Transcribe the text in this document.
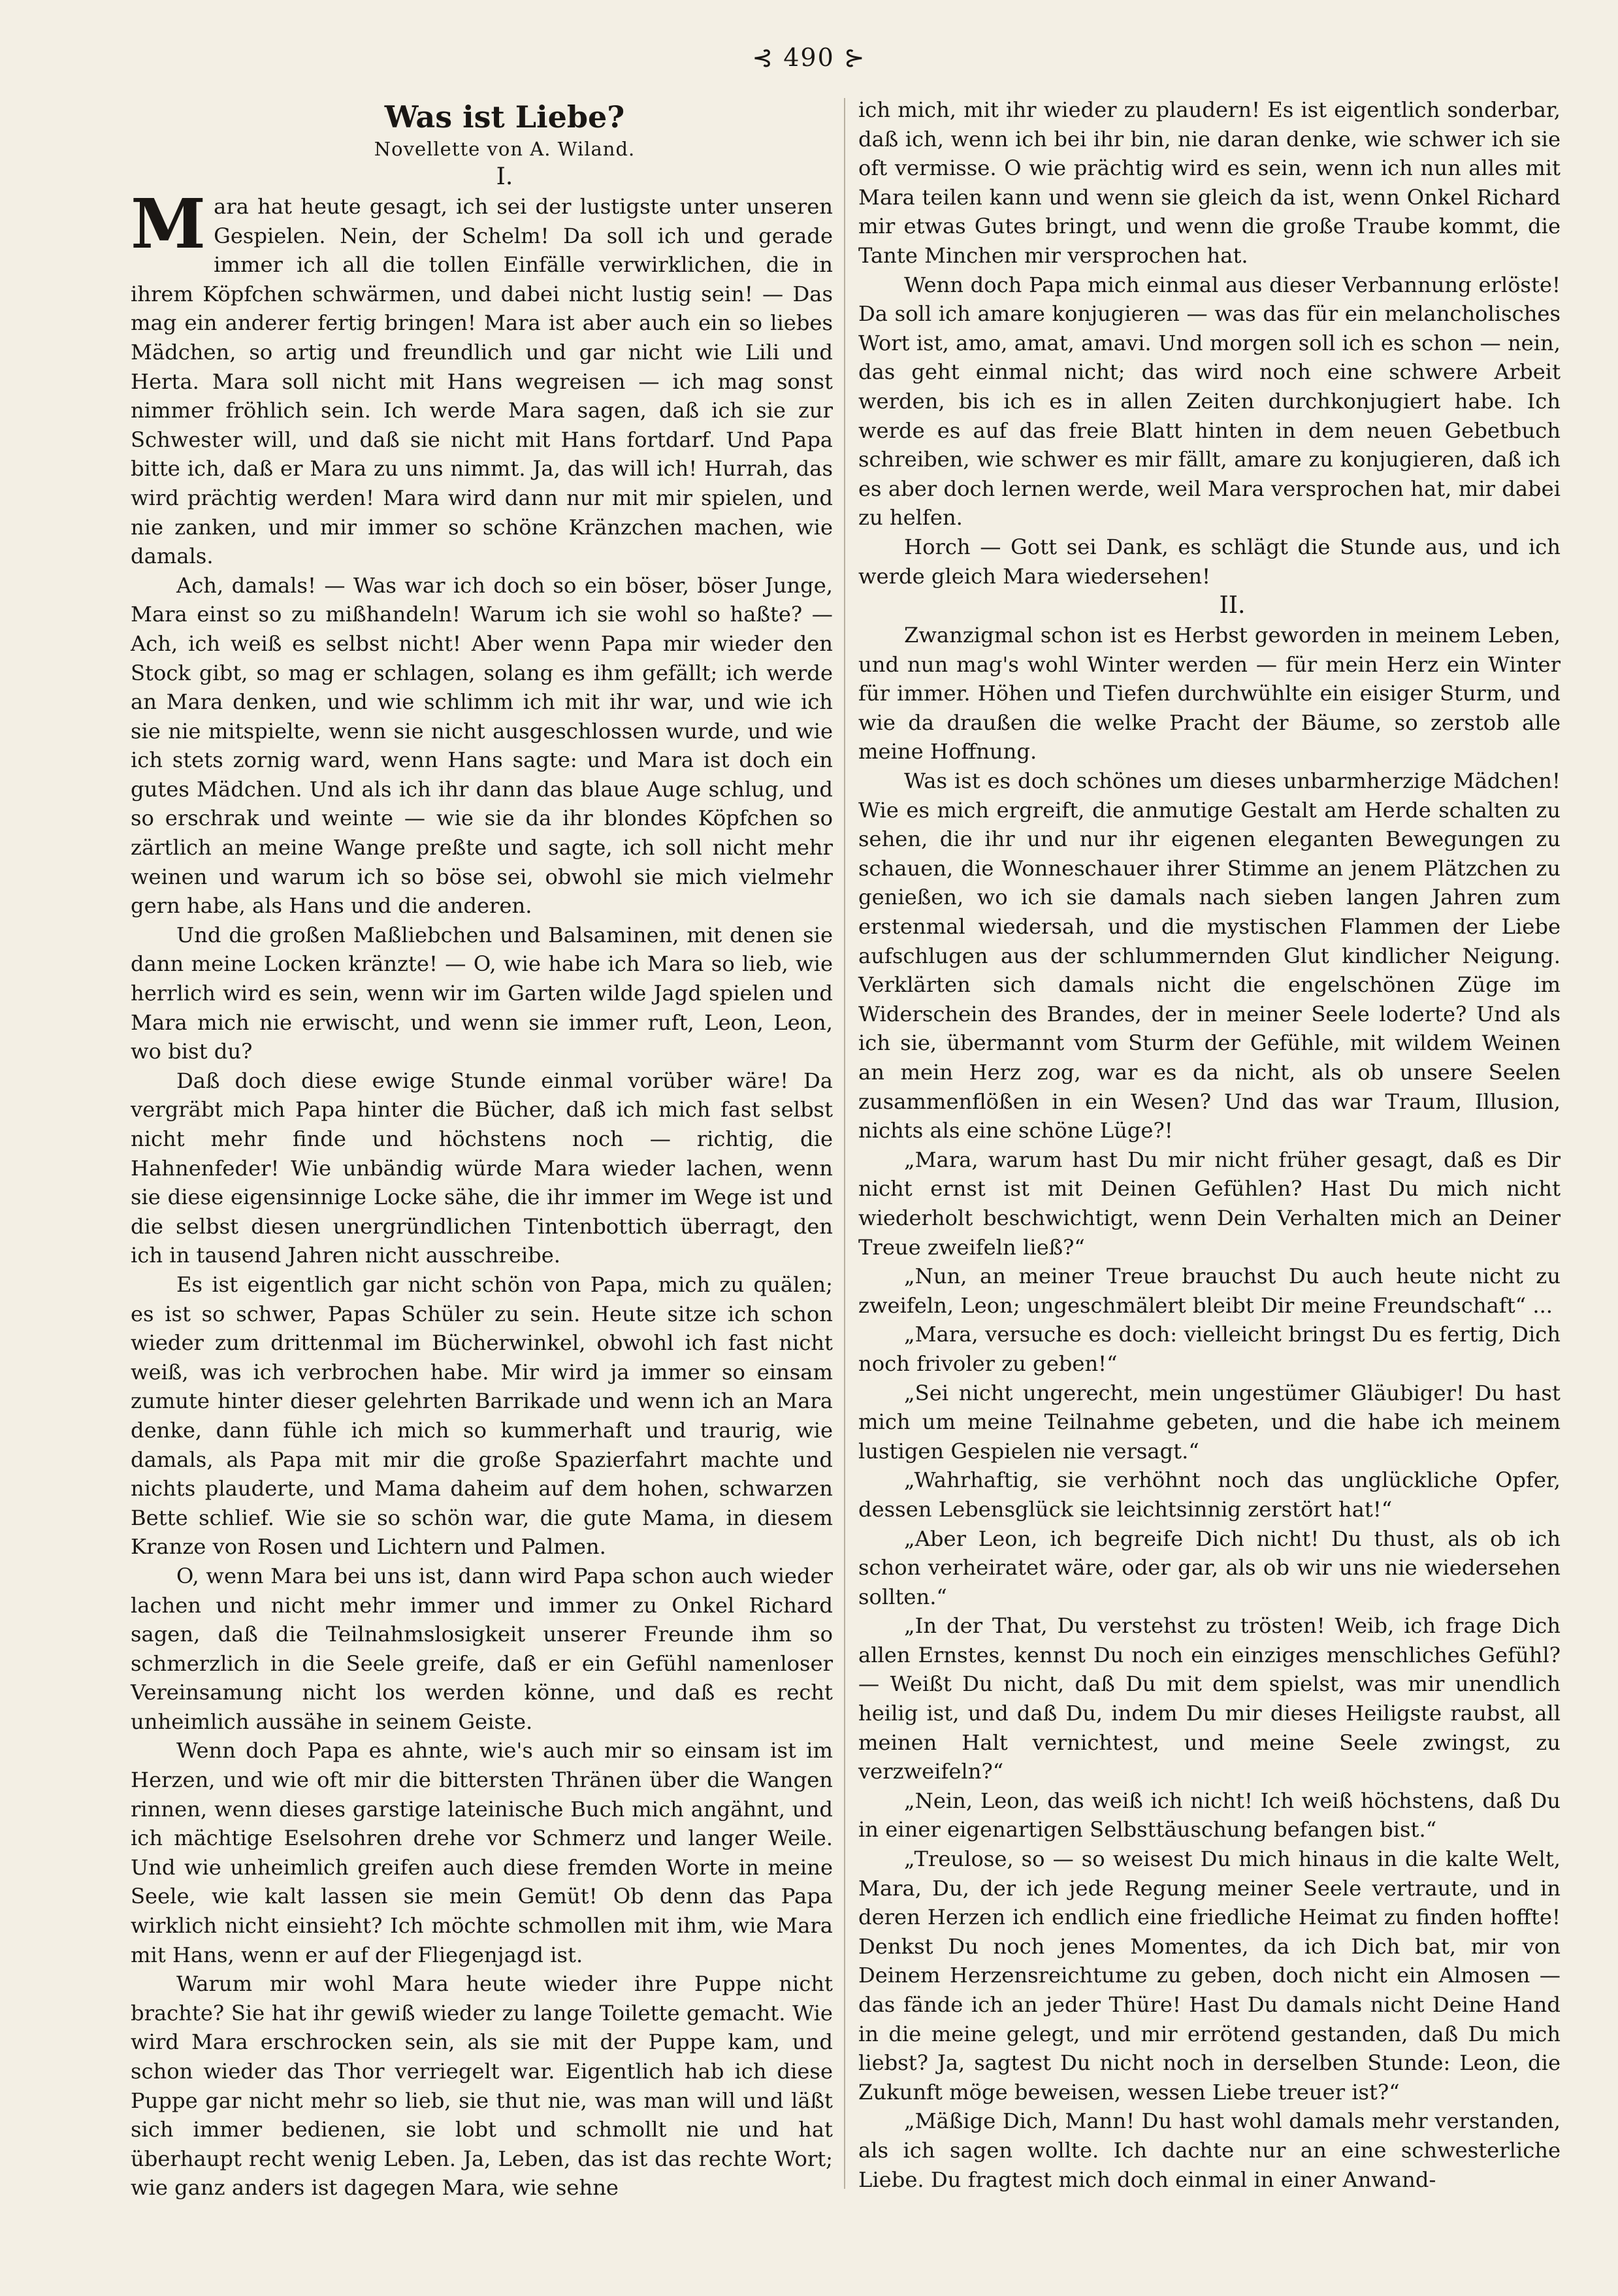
⊰ 490 ⊱

Was ist Liebe?

Novellette von A. Wiland.

I.

Mara hat heute gesagt, ich sei der lustigste unter unseren Gespielen. Nein, der Schelm! Da soll ich und gerade immer ich all die tollen Einfälle verwirklichen, die in ihrem Köpfchen schwärmen, und dabei nicht lustig sein! — Das mag ein anderer fertig bringen! Mara ist aber auch ein so liebes Mädchen, so artig und freundlich und gar nicht wie Lili und Herta. Mara soll nicht mit Hans wegreisen — ich mag sonst nimmer fröhlich sein. Ich werde Mara sagen, daß ich sie zur Schwester will, und daß sie nicht mit Hans fortdarf. Und Papa bitte ich, daß er Mara zu uns nimmt. Ja, das will ich! Hurrah, das wird prächtig werden! Mara wird dann nur mit mir spielen, und nie zanken, und mir immer so schöne Kränzchen machen, wie damals.

Ach, damals! — Was war ich doch so ein böser, böser Junge, Mara einst so zu mißhandeln! Warum ich sie wohl so haßte? — Ach, ich weiß es selbst nicht! Aber wenn Papa mir wieder den Stock gibt, so mag er schlagen, solang es ihm gefällt; ich werde an Mara denken, und wie schlimm ich mit ihr war, und wie ich sie nie mitspielte, wenn sie nicht ausgeschlossen wurde, und wie ich stets zornig ward, wenn Hans sagte: und Mara ist doch ein gutes Mädchen. Und als ich ihr dann das blaue Auge schlug, und so erschrak und weinte — wie sie da ihr blondes Köpfchen so zärtlich an meine Wange preßte und sagte, ich soll nicht mehr weinen und warum ich so böse sei, obwohl sie mich vielmehr gern habe, als Hans und die anderen.

Und die großen Maßliebchen und Balsaminen, mit denen sie dann meine Locken kränzte! — O, wie habe ich Mara so lieb, wie herrlich wird es sein, wenn wir im Garten wilde Jagd spielen und Mara mich nie erwischt, und wenn sie immer ruft, Leon, Leon, wo bist du?

Daß doch diese ewige Stunde einmal vorüber wäre! Da vergräbt mich Papa hinter die Bücher, daß ich mich fast selbst nicht mehr finde und höchstens noch — richtig, die Hahnenfeder! Wie unbändig würde Mara wieder lachen, wenn sie diese eigensinnige Locke sähe, die ihr immer im Wege ist und die selbst diesen unergründlichen Tintenbottich überragt, den ich in tausend Jahren nicht ausschreibe.

Es ist eigentlich gar nicht schön von Papa, mich zu quälen; es ist so schwer, Papas Schüler zu sein. Heute sitze ich schon wieder zum drittenmal im Bücherwinkel, obwohl ich fast nicht weiß, was ich verbrochen habe. Mir wird ja immer so einsam zumute hinter dieser gelehrten Barrikade und wenn ich an Mara denke, dann fühle ich mich so kummerhaft und traurig, wie damals, als Papa mit mir die große Spazierfahrt machte und nichts plauderte, und Mama daheim auf dem hohen, schwarzen Bette schlief. Wie sie so schön war, die gute Mama, in diesem Kranze von Rosen und Lichtern und Palmen.

O, wenn Mara bei uns ist, dann wird Papa schon auch wieder lachen und nicht mehr immer und immer zu Onkel Richard sagen, daß die Teilnahmslosigkeit unserer Freunde ihm so schmerzlich in die Seele greife, daß er ein Gefühl namenloser Vereinsamung nicht los werden könne, und daß es recht unheimlich aussähe in seinem Geiste.

Wenn doch Papa es ahnte, wie's auch mir so einsam ist im Herzen, und wie oft mir die bittersten Thränen über die Wangen rinnen, wenn dieses garstige lateinische Buch mich angähnt, und ich mächtige Eselsohren drehe vor Schmerz und langer Weile. Und wie unheimlich greifen auch diese fremden Worte in meine Seele, wie kalt lassen sie mein Gemüt! Ob denn das Papa wirklich nicht einsieht? Ich möchte schmollen mit ihm, wie Mara mit Hans, wenn er auf der Fliegenjagd ist.

Warum mir wohl Mara heute wieder ihre Puppe nicht brachte? Sie hat ihr gewiß wieder zu lange Toilette gemacht. Wie wird Mara erschrocken sein, als sie mit der Puppe kam, und schon wieder das Thor verriegelt war. Eigentlich hab ich diese Puppe gar nicht mehr so lieb, sie thut nie, was man will und läßt sich immer bedienen, sie lobt und schmollt nie und hat überhaupt recht wenig Leben. Ja, Leben, das ist das rechte Wort; wie ganz anders ist dagegen Mara, wie sehne

ich mich, mit ihr wieder zu plaudern! Es ist eigentlich sonderbar, daß ich, wenn ich bei ihr bin, nie daran denke, wie schwer ich sie oft vermisse. O wie prächtig wird es sein, wenn ich nun alles mit Mara teilen kann und wenn sie gleich da ist, wenn Onkel Richard mir etwas Gutes bringt, und wenn die große Traube kommt, die Tante Minchen mir versprochen hat.

Wenn doch Papa mich einmal aus dieser Verbannung erlöste! Da soll ich amare konjugieren — was das für ein melancholisches Wort ist, amo, amat, amavi. Und morgen soll ich es schon — nein, das geht einmal nicht; das wird noch eine schwere Arbeit werden, bis ich es in allen Zeiten durchkonjugiert habe. Ich werde es auf das freie Blatt hinten in dem neuen Gebetbuch schreiben, wie schwer es mir fällt, amare zu konjugieren, daß ich es aber doch lernen werde, weil Mara versprochen hat, mir dabei zu helfen.

Horch — Gott sei Dank, es schlägt die Stunde aus, und ich werde gleich Mara wiedersehen!

II.

Zwanzigmal schon ist es Herbst geworden in meinem Leben, und nun mag's wohl Winter werden — für mein Herz ein Winter für immer. Höhen und Tiefen durchwühlte ein eisiger Sturm, und wie da draußen die welke Pracht der Bäume, so zerstob alle meine Hoffnung.

Was ist es doch schönes um dieses unbarmherzige Mädchen! Wie es mich ergreift, die anmutige Gestalt am Herde schalten zu sehen, die ihr und nur ihr eigenen eleganten Bewegungen zu schauen, die Wonneschauer ihrer Stimme an jenem Plätzchen zu genießen, wo ich sie damals nach sieben langen Jahren zum erstenmal wiedersah, und die mystischen Flammen der Liebe aufschlugen aus der schlummernden Glut kindlicher Neigung. Verklärten sich damals nicht die engelschönen Züge im Widerschein des Brandes, der in meiner Seele loderte? Und als ich sie, übermannt vom Sturm der Gefühle, mit wildem Weinen an mein Herz zog, war es da nicht, als ob unsere Seelen zusammenflößen in ein Wesen? Und das war Traum, Illusion, nichts als eine schöne Lüge?!

„Mara, warum hast Du mir nicht früher gesagt, daß es Dir nicht ernst ist mit Deinen Gefühlen? Hast Du mich nicht wiederholt beschwichtigt, wenn Dein Verhalten mich an Deiner Treue zweifeln ließ?“

„Nun, an meiner Treue brauchst Du auch heute nicht zu zweifeln, Leon; ungeschmälert bleibt Dir meine Freundschaft“ ...

„Mara, versuche es doch: vielleicht bringst Du es fertig, Dich noch frivoler zu geben!“

„Sei nicht ungerecht, mein ungestümer Gläubiger! Du hast mich um meine Teilnahme gebeten, und die habe ich meinem lustigen Gespielen nie versagt.“

„Wahrhaftig, sie verhöhnt noch das unglückliche Opfer, dessen Lebensglück sie leichtsinnig zerstört hat!“

„Aber Leon, ich begreife Dich nicht! Du thust, als ob ich schon verheiratet wäre, oder gar, als ob wir uns nie wiedersehen sollten.“

„In der That, Du verstehst zu trösten! Weib, ich frage Dich allen Ernstes, kennst Du noch ein einziges menschliches Gefühl? — Weißt Du nicht, daß Du mit dem spielst, was mir unendlich heilig ist, und daß Du, indem Du mir dieses Heiligste raubst, all meinen Halt vernichtest, und meine Seele zwingst, zu verzweifeln?“

„Nein, Leon, das weiß ich nicht! Ich weiß höchstens, daß Du in einer eigenartigen Selbsttäuschung befangen bist.“

„Treulose, so — so weisest Du mich hinaus in die kalte Welt, Mara, Du, der ich jede Regung meiner Seele vertraute, und in deren Herzen ich endlich eine friedliche Heimat zu finden hoffte! Denkst Du noch jenes Momentes, da ich Dich bat, mir von Deinem Herzensreichtume zu geben, doch nicht ein Almosen — das fände ich an jeder Thüre! Hast Du damals nicht Deine Hand in die meine gelegt, und mir errötend gestanden, daß Du mich liebst? Ja, sagtest Du nicht noch in derselben Stunde: Leon, die Zukunft möge beweisen, wessen Liebe treuer ist?“

„Mäßige Dich, Mann! Du hast wohl damals mehr verstanden, als ich sagen wollte. Ich dachte nur an eine schwesterliche Liebe. Du fragtest mich doch einmal in einer Anwand-
